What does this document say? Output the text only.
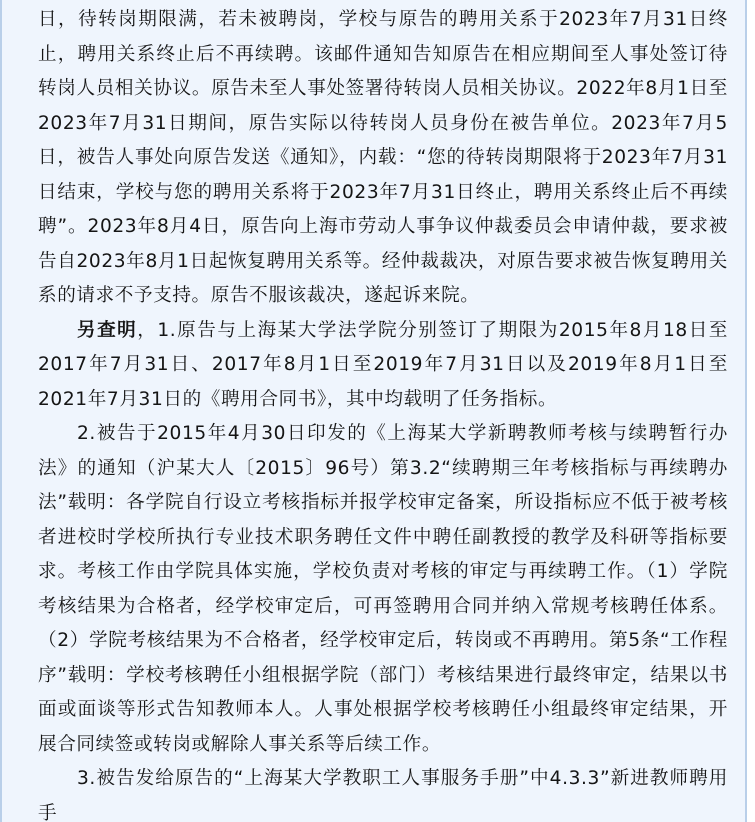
日，待转岗期限满，若未被聘岗，学校与原告的聘用关系于2023年7月31日终止，聘用关系终止后不再续聘。该邮件通知告知原告在相应期间至人事处签订待转岗人员相关协议。原告未至人事处签署待转岗人员相关协议。2022年8月1日至2023年7月31日期间，原告实际以待转岗人员身份在被告单位。2023年7月5日，被告人事处向原告发送《通知》，内载：“您的待转岗期限将于2023年7月31日结束，学校与您的聘用关系将于2023年7月31日终止，聘用关系终止后不再续聘”。2023年8月4日，原告向上海市劳动人事争议仲裁委员会申请仲裁，要求被告自2023年8月1日起恢复聘用关系等。经仲裁裁决，对原告要求被告恢复聘用关系的请求不予支持。原告不服该裁决，遂起诉来院。

另查明，1.原告与上海某大学法学院分别签订了期限为2015年8月18日至2017年7月31日、2017年8月1日至2019年7月31日以及2019年8月1日至2021年7月31日的《聘用合同书》，其中均载明了任务指标。

2.被告于2015年4月30日印发的《上海某大学新聘教师考核与续聘暂行办法》的通知（沪某大人〔2015〕96号）第3.2“续聘期三年考核指标与再续聘办法”载明：各学院自行设立考核指标并报学校审定备案，所设指标应不低于被考核者进校时学校所执行专业技术职务聘任文件中聘任副教授的教学及科研等指标要求。考核工作由学院具体实施，学校负责对考核的审定与再续聘工作。（1）学院考核结果为合格者，经学校审定后，可再签聘用合同并纳入常规考核聘任体系。（2）学院考核结果为不合格者，经学校审定后，转岗或不再聘用。第5条“工作程序”载明：学校考核聘任小组根据学院（部门）考核结果进行最终审定，结果以书面或面谈等形式告知教师本人。人事处根据学校考核聘任小组最终审定结果，开展合同续签或转岗或解除人事关系等后续工作。

3.被告发给原告的“上海某大学教职工人事服务手册”中4.3.3”新进教师聘用手
